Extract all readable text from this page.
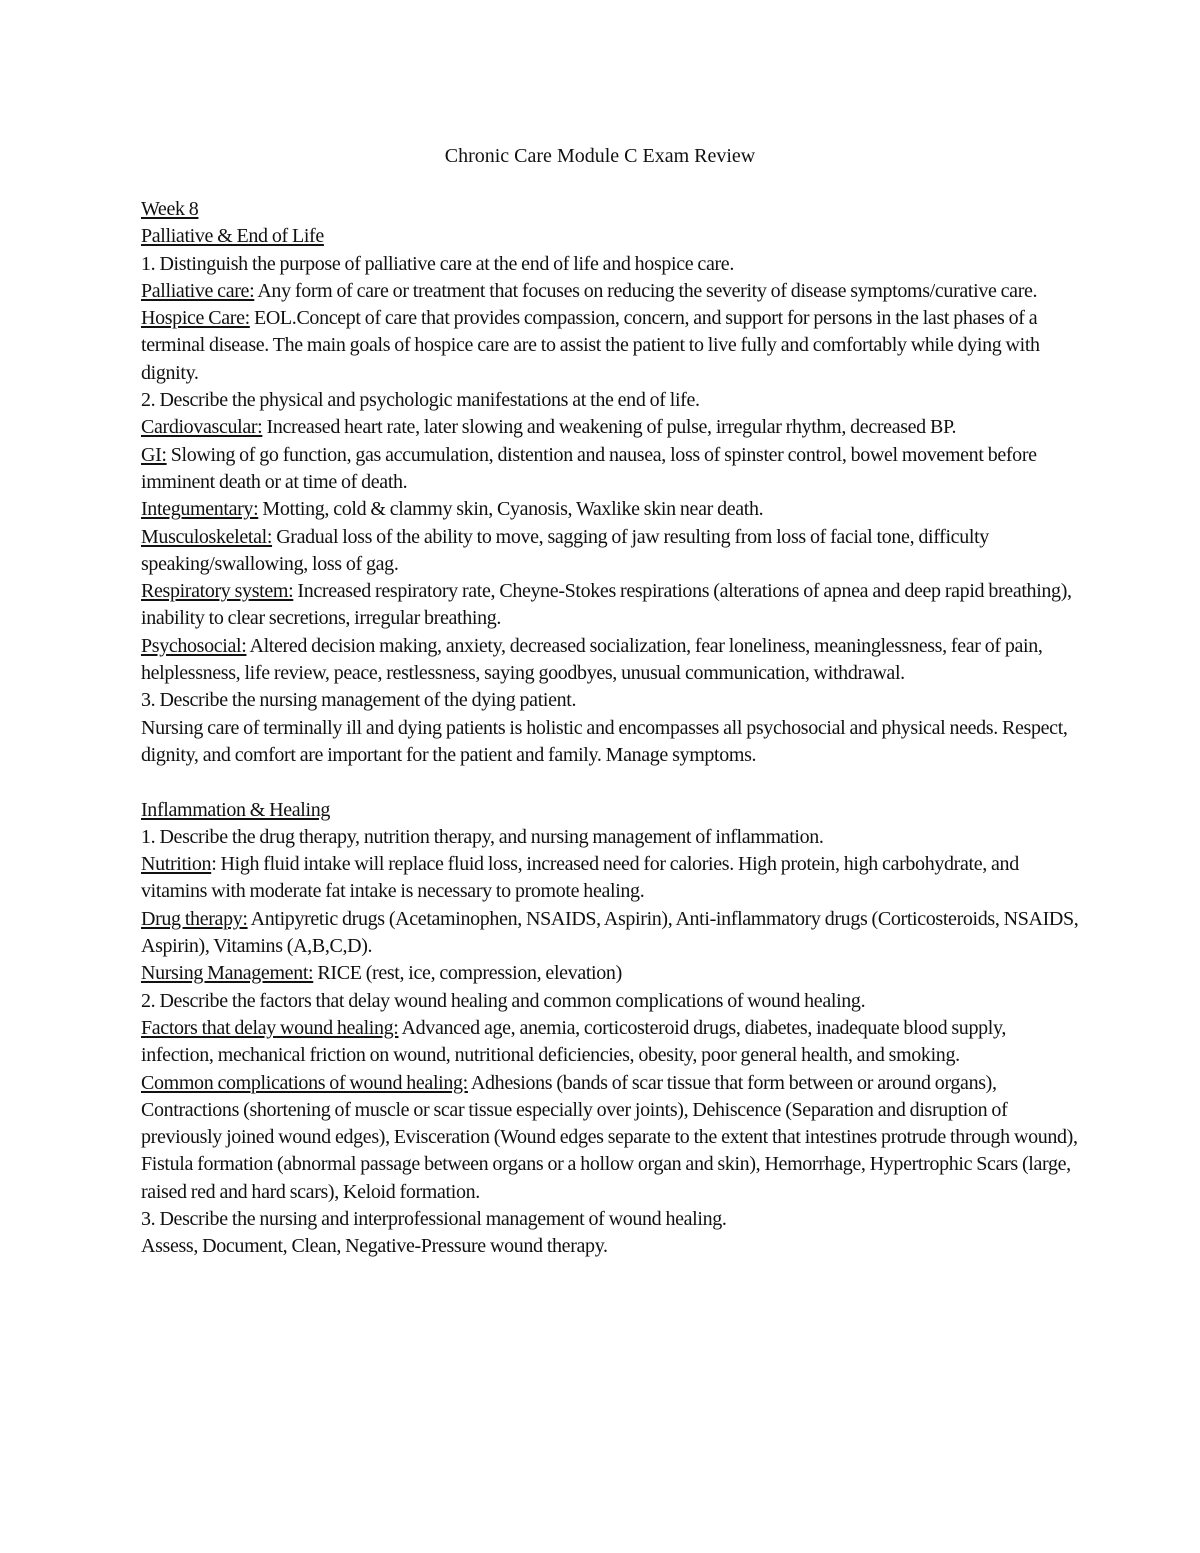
Chronic Care Module C Exam Review

Week 8

Palliative & End of Life

1. Distinguish the purpose of palliative care at the end of life and hospice care.

Palliative care: Any form of care or treatment that focuses on reducing the severity of disease symptoms/curative care.

Hospice Care: EOL.Concept of care that provides compassion, concern, and support for persons in the last phases of a terminal disease. The main goals of hospice care are to assist the patient to live fully and comfortably while dying with dignity.

2. Describe the physical and psychologic manifestations at the end of life.

Cardiovascular: Increased heart rate, later slowing and weakening of pulse, irregular rhythm, decreased BP.

GI: Slowing of go function, gas accumulation, distention and nausea, loss of spinster control, bowel movement before imminent death or at time of death.

Integumentary: Motting, cold & clammy skin, Cyanosis, Waxlike skin near death.

Musculoskeletal: Gradual loss of the ability to move, sagging of jaw resulting from loss of facial tone, difficulty speaking/swallowing, loss of gag.

Respiratory system: Increased respiratory rate, Cheyne-Stokes respirations (alterations of apnea and deep rapid breathing), inability to clear secretions, irregular breathing.

Psychosocial: Altered decision making, anxiety, decreased socialization, fear loneliness, meaninglessness, fear of pain, helplessness, life review, peace, restlessness, saying goodbyes, unusual communication, withdrawal.

3. Describe the nursing management of the dying patient.

Nursing care of terminally ill and dying patients is holistic and encompasses all psychosocial and physical needs. Respect, dignity, and comfort are important for the patient and family. Manage symptoms.

Inflammation & Healing

1. Describe the drug therapy, nutrition therapy, and nursing management of inflammation.

Nutrition: High fluid intake will replace fluid loss, increased need for calories. High protein, high carbohydrate, and vitamins with moderate fat intake is necessary to promote healing.

Drug therapy: Antipyretic drugs (Acetaminophen, NSAIDS, Aspirin), Anti-inflammatory drugs (Corticosteroids, NSAIDS, Aspirin), Vitamins (A,B,C,D).

Nursing Management: RICE (rest, ice, compression, elevation)

2. Describe the factors that delay wound healing and common complications of wound healing.

Factors that delay wound healing: Advanced age, anemia, corticosteroid drugs, diabetes, inadequate blood supply, infection, mechanical friction on wound, nutritional deficiencies, obesity, poor general health, and smoking.

Common complications of wound healing: Adhesions (bands of scar tissue that form between or around organs), Contractions (shortening of muscle or scar tissue especially over joints), Dehiscence (Separation and disruption of previously joined wound edges), Evisceration (Wound edges separate to the extent that intestines protrude through wound), Fistula formation (abnormal passage between organs or a hollow organ and skin), Hemorrhage, Hypertrophic Scars (large, raised red and hard scars), Keloid formation.

3. Describe the nursing and interprofessional management of wound healing.

Assess, Document, Clean, Negative-Pressure wound therapy.
